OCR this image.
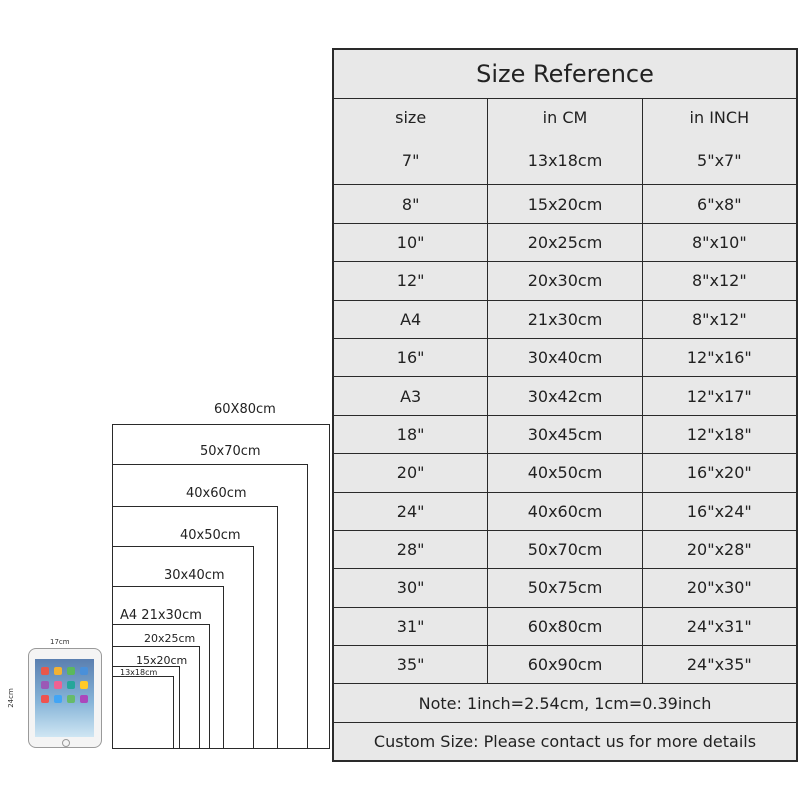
Size Reference
size	in CM	in INCH
7"	13x18cm	5"x7"
8"	15x20cm	6"x8"
10"	20x25cm	8"x10"
12"	20x30cm	8"x12"
A4	21x30cm	8"x12"
16"	30x40cm	12"x16"
A3	30x42cm	12"x17"
18"	30x45cm	12"x18"
20"	40x50cm	16"x20"
24"	40x60cm	16"x24"
28"	50x70cm	20"x28"
30"	50x75cm	20"x30"
31"	60x80cm	24"x31"
35"	60x90cm	24"x35"
Note: 1inch=2.54cm, 1cm=0.39inch
Custom Size: Please contact us for more details
60X80cm
50x70cm
40x60cm
40x50cm
30x40cm
A4 21x30cm
20x25cm
15x20cm
13x18cm
17cm
24cm
